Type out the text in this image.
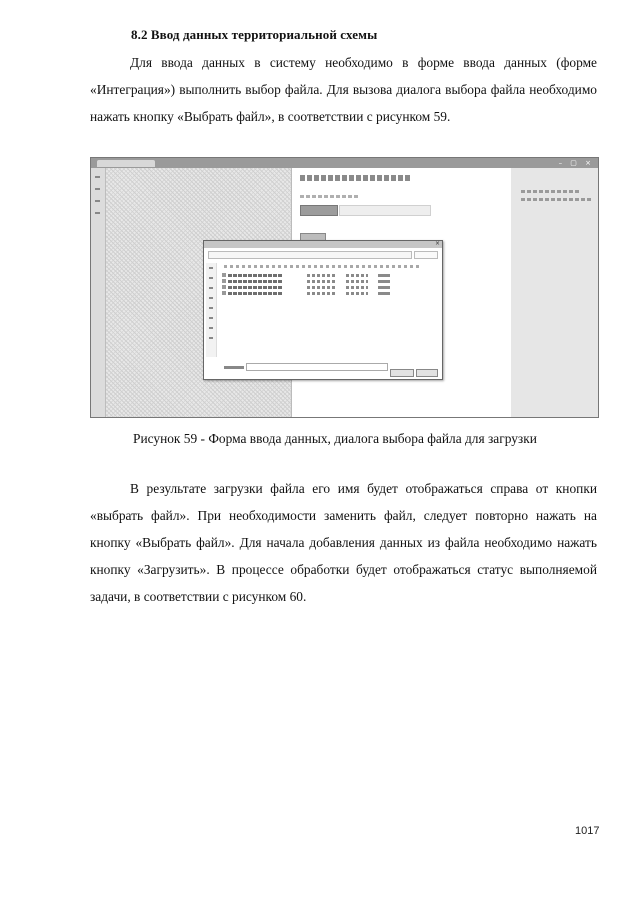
8.2 Ввод данных территориальной схемы
Для ввода данных в систему необходимо в форме ввода данных (форме «Интеграция») выполнить выбор файла. Для вызова диалога выбора файла необходимо нажать кнопку «Выбрать файл», в соответствии с рисунком 59.
– ▢ ×
×
Рисунок 59 - Форма ввода данных, диалога выбора файла для загрузки
В результате загрузки файла его имя будет отображаться справа от кнопки «выбрать файл». При необходимости заменить файл, следует повторно нажать на кнопку «Выбрать файл». Для начала добавления данных из файла необходимо нажать кнопку «Загрузить». В процессе обработки будет отображаться статус выполняемой задачи, в соответствии с рисунком 60.
1017
